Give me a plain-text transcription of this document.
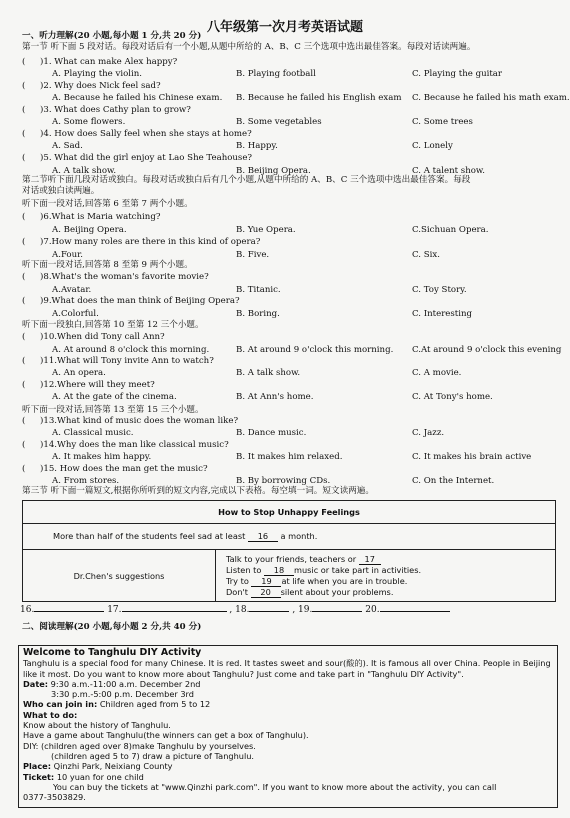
八年级第一次月考英语试题
一、听力理解(20 小题,每小题 1 分,共 20 分)
第一节 听下面 5 段对话。每段对话后有一个小题,从题中所给的 A、B、C 三个选项中选出最佳答案。每段对话读两遍。
( )1. What can make Alex happy?
A. Playing the violin.	B. Playing football	C. Playing the guitar
( )2. Why does Nick feel sad?
A. Because he failed his Chinese exam. B. Because he failed his English exam C. Because he failed his math exam.
( )3. What does Cathy plan to grow?
A. Some flowers.	B. Some vegetables	C. Some trees
( )4. How does Sally feel when she stays at home?
A. Sad.	B. Happy.	C. Lonely
( )5. What did the girl enjoy at Lao She Teahouse?
A. A talk show.	B. Beijing Opera.	C. A talent show.
( )6.What is Maria watching?
A. Beijing Opera.	B. Yue Opera.	C.Sichuan Opera.
( )7.How many roles are there in this kind of opera?
A.Four.	B. Five.	C. Six.
( )8.What's the woman's favorite movie?
A.Avatar.	B. Titanic.	C. Toy Story.
( )9.What does the man think of Beijing Opera?
A.Colorful.	B. Boring.	C. Interesting
( )10.When did Tony call Ann?
A. At around 8 o'clock this morning.	B. At around 9 o'clock this morning. C.At around 9 o'clock this evening
( )11.What will Tony invite Ann to watch?
A. An opera.	B. A talk show.	C. A movie.
( )12.Where will they meet?
A. At the gate of the cinema.	B. At Ann's home.	C. At Tony's home.
( )13.What kind of music does the woman like?
A. Classical music.	B. Dance music.	C. Jazz.
( )14.Why does the man like classical music?
A. It makes him happy.	B. It makes him relaxed.	C. It makes his brain active
( )15. How does the man get the music?
A. From stores.	B. By borrowing CDs.	C. On the Internet.
第二节听下面几段对话或独白。每段对话或独白后有几个小题,从题中所给的 A、B、C 三个选项中选出最佳答案。每段
对话或独白读两遍。
听下面一段对话,回答第 6 至第 7 两个小题。
听下面一段对话,回答第 8 至第 9 两个小题。
听下面一段独白,回答第 10 至第 12 三个小题。
听下面一段对话,回答第 13 至第 15 三个小题。
第三节 听下面一篇短文,根据你所听到的短文内容,完成以下表格。每空填一词。短文读两遍。
How to Stop Unhappy Feelings
More than half of the students feel sad at least 16 a month.
Dr.Chen's suggestions	
Talk to your friends, teachers or 17
Listen to 18 music or take part in activities.
Try to 19 at life when you are in trouble.
Don't 20 silent about your problems.
16.	17.	, 18.	, 19.	20.
二、阅读理解(20 小题,每小题 2 分,共 40 分)
Welcome to Tanghulu DIY Activity
Tanghulu is a special food for many Chinese. It is red. It tastes sweet and sour(酸的). It is famous all over China. People in Beijing like it most. Do you want to know more about Tanghulu? Just come and take part in "Tanghulu DIY Activity".
Date: 9:30 a.m.-11:00 a.m. December 2nd
3:30 p.m.-5:00 p.m. December 3rd
Who can join in: Children aged from 5 to 12
What to do:
Know about the history of Tanghulu.
Have a game about Tanghulu(the winners can get a box of Tanghulu).
DIY: (children aged over 8)make Tanghulu by yourselves.
(children aged 5 to 7) draw a picture of Tanghulu.
Place: Qinzhi Park, Neixiang County
Ticket: 10 yuan for one child
You can buy the tickets at "www.Qinzhi park.com". If you want to know more about the activity, you can call
0377-3503829.
